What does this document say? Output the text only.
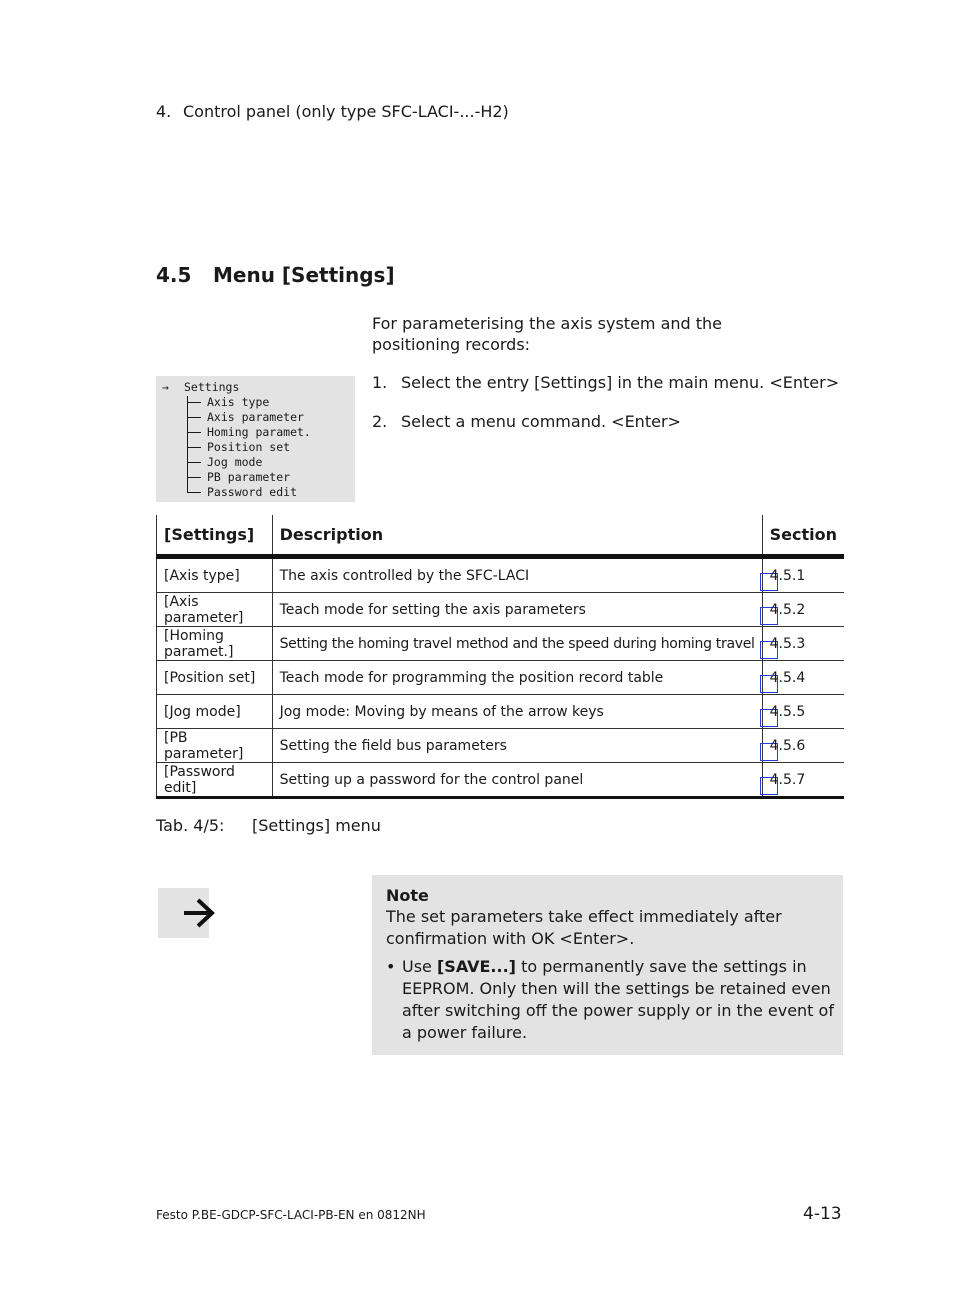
4. Control panel (only type SFC-LACI-...-H2)
4.5 Menu [Settings]
For parameterising the axis system and the positioning records:
→ Settings
Axis type
Axis parameter
Homing paramet.
Position set
Jog mode
PB parameter
Password edit
1. Select the entry [Settings] in the main menu. <Enter>
2. Select a menu command. <Enter>
[Settings]	Description	Section
[Axis type]	The axis controlled by the SFC-LACI	4.5.1
[Axis parameter]	Teach mode for setting the axis parameters	4.5.2
[Homing paramet.]	Setting the homing travel method and the speed during homing travel	4.5.3
[Position set]	Teach mode for programming the position record table	4.5.4
[Jog mode]	Jog mode: Moving by means of the arrow keys	4.5.5
[PB parameter]	Setting the field bus parameters	4.5.6
[Password edit]	Setting up a password for the control panel	4.5.7
Tab. 4/5: [Settings] menu
Note
The set parameters take effect immediately after confirmation with OK <Enter>.
• Use [SAVE...] to permanently save the settings in EEPROM. Only then will the settings be retained even after switching off the power supply or in the event of a power failure.
Festo P.BE-GDCP-SFC-LACI-PB-EN en 0812NH	4-13
